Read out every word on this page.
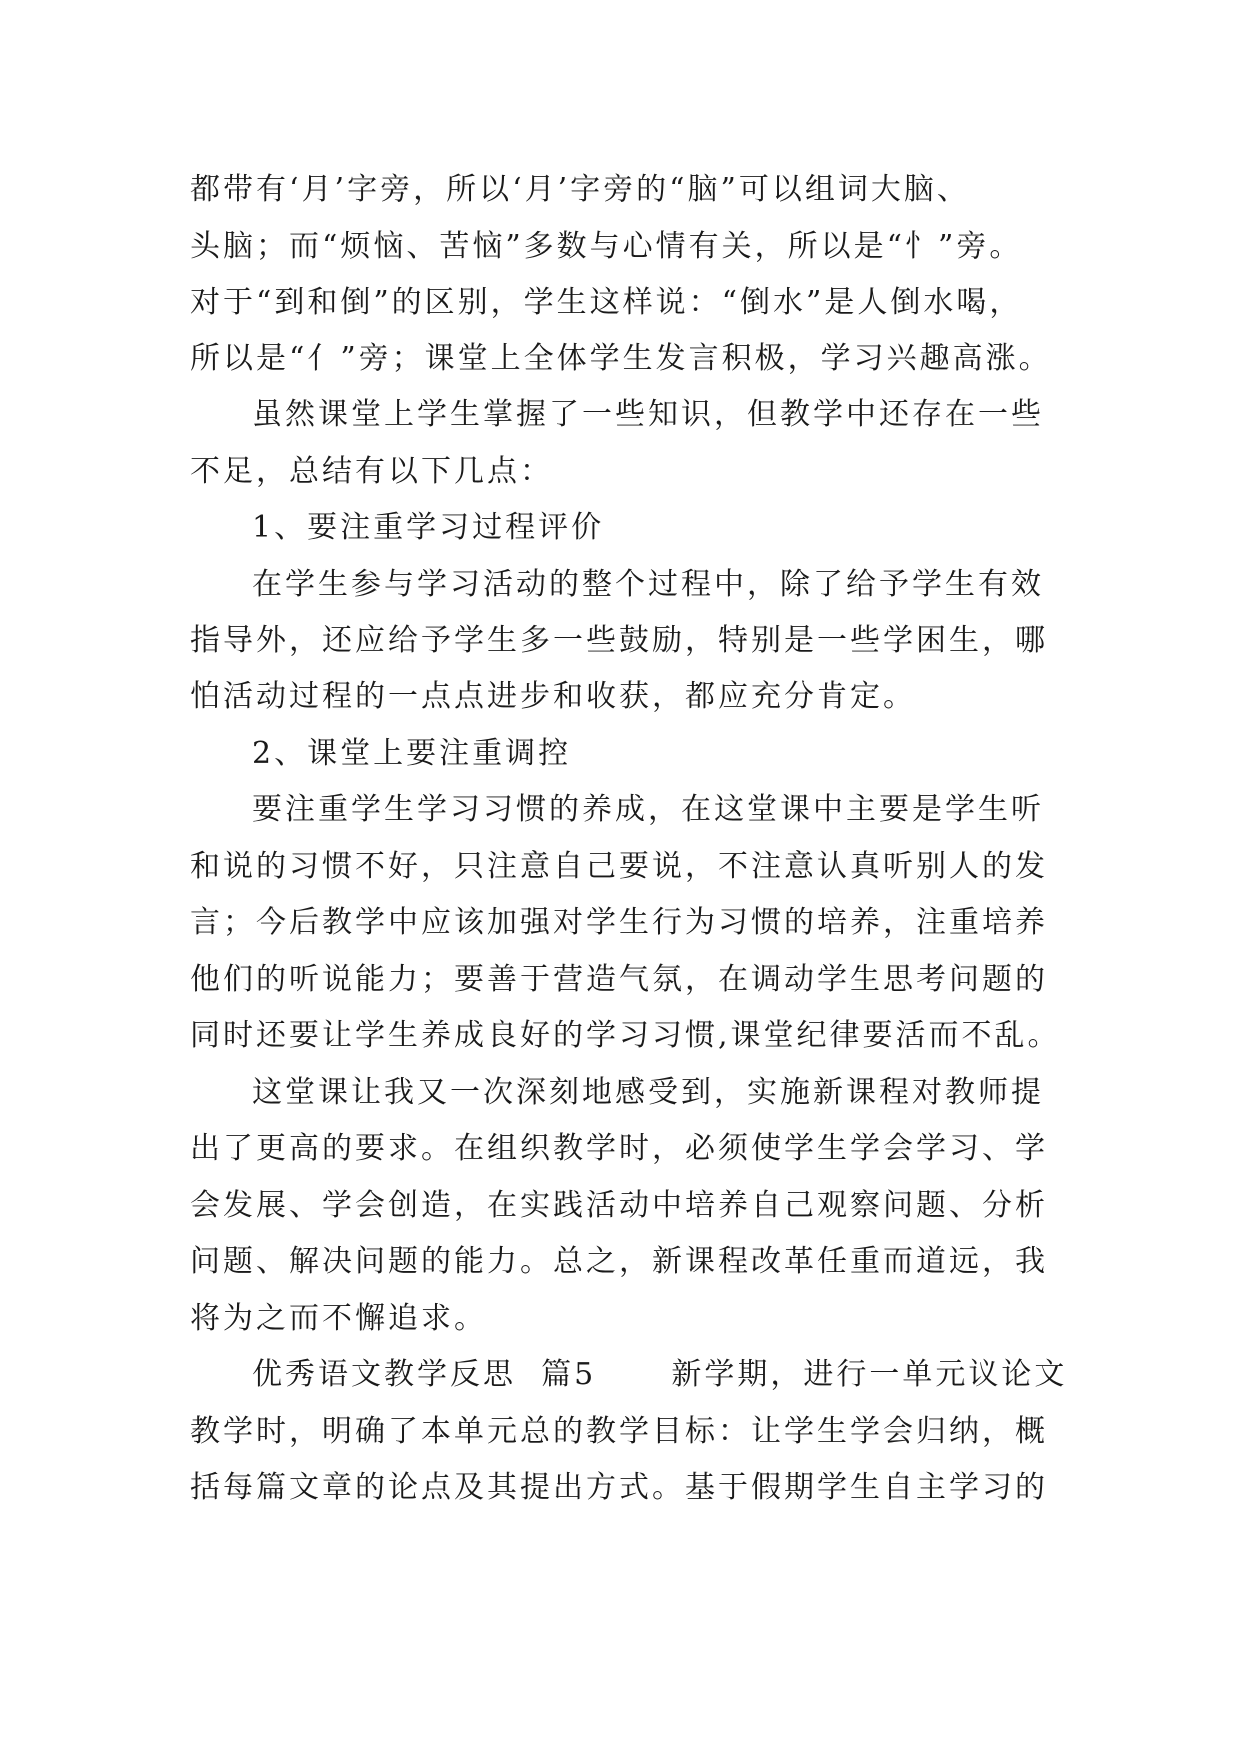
都带有‘月’字旁，所以‘月’字旁的“脑”可以组词大脑、
头脑；而“烦恼、苦恼”多数与心情有关，所以是“忄”旁。
对于“到和倒”的区别，学生这样说：“倒水”是人倒水喝，
所以是“亻”旁；课堂上全体学生发言积极，学习兴趣高涨。
虽然课堂上学生掌握了一些知识，但教学中还存在一些
不足，总结有以下几点：
1、要注重学习过程评价
在学生参与学习活动的整个过程中，除了给予学生有效
指导外，还应给予学生多一些鼓励，特别是一些学困生，哪
怕活动过程的一点点进步和收获，都应充分肯定。
2、课堂上要注重调控
要注重学生学习习惯的养成，在这堂课中主要是学生听
和说的习惯不好，只注意自己要说，不注意认真听别人的发
言；今后教学中应该加强对学生行为习惯的培养，注重培养
他们的听说能力；要善于营造气氛，在调动学生思考问题的
同时还要让学生养成良好的学习习惯,课堂纪律要活而不乱。
这堂课让我又一次深刻地感受到，实施新课程对教师提
出了更高的要求。在组织教学时，必须使学生学会学习、学
会发展、学会创造，在实践活动中培养自己观察问题、分析
问题、解决问题的能力。总之，新课程改革任重而道远，我
将为之而不懈追求。
优秀语文教学反思  篇5      新学期，进行一单元议论文
教学时，明确了本单元总的教学目标：让学生学会归纳，概
括每篇文章的论点及其提出方式。基于假期学生自主学习的
